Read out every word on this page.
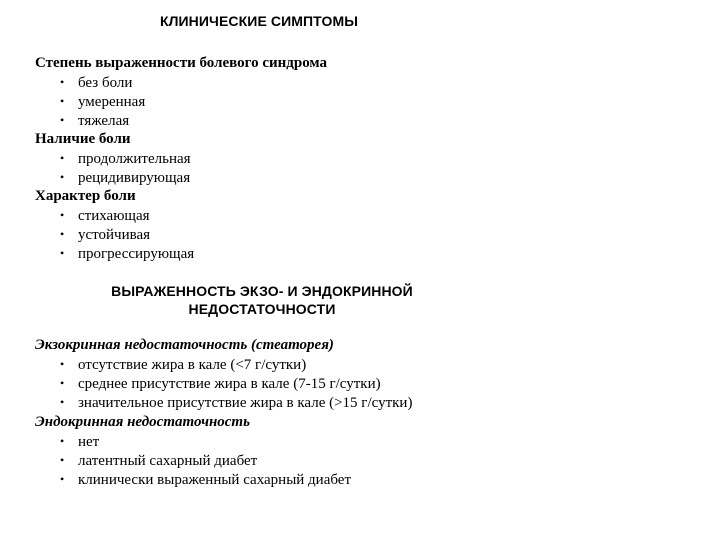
КЛИНИЧЕСКИЕ СИМПТОМЫ
Степень выраженности болевого синдрома
• без боли
• умеренная
• тяжелая
Наличие боли
• продолжительная
• рецидивирующая
Характер боли
• стихающая
• устойчивая
• прогрессирующая
ВЫРАЖЕННОСТЬ ЭКЗО- И ЭНДОКРИННОЙ
НЕДОСТАТОЧНОСТИ
Экзокринная недостаточность (стеаторея)
• отсутствие жира в кале (<7 г/сутки)
• среднее присутствие жира в кале (7-15 г/сутки)
• значительное присутствие жира в кале (>15 г/сутки)
Эндокринная недостаточность
• нет
• латентный сахарный диабет
• клинически выраженный сахарный диабет
